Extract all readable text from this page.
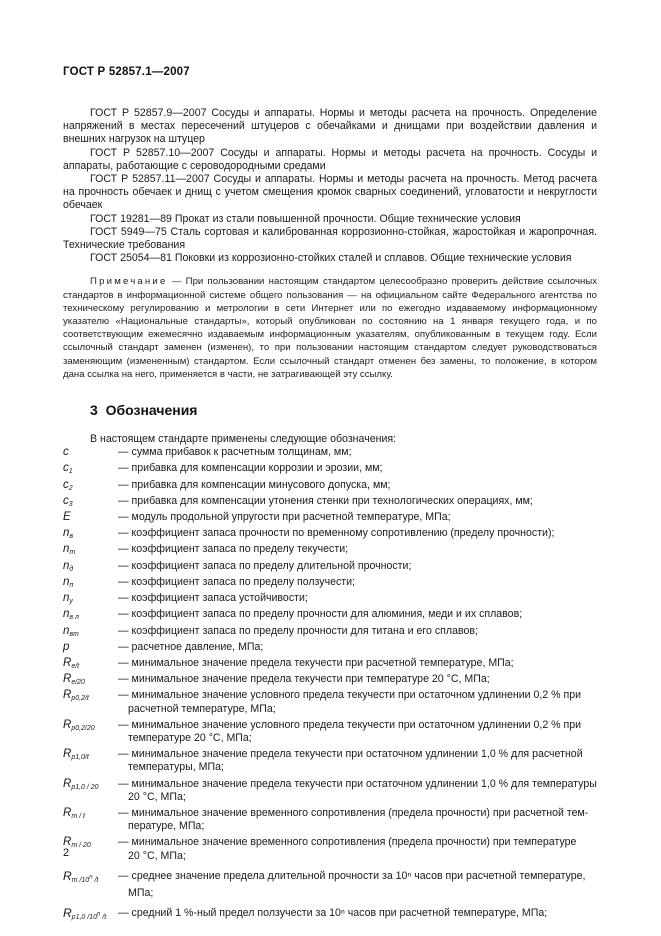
ГОСТ Р 52857.1—2007

ГОСТ Р 52857.9—2007 Сосуды и аппараты. Нормы и методы расчета на прочность. Определение напряжений в местах пересечений штуцеров с обечайками и днищами при воздействии давления и внешних нагрузок на штуцер

ГОСТ Р 52857.10—2007 Сосуды и аппараты. Нормы и методы расчета на прочность. Сосуды и аппараты, работающие с сероводородными средами

ГОСТ Р 52857.11—2007 Сосуды и аппараты. Нормы и методы расчета на прочность. Метод расчета на прочность обечаек и днищ с учетом смещения кромок сварных соединений, угловатости и некруглости обечаек

ГОСТ 19281—89 Прокат из стали повышенной прочности. Общие технические условия

ГОСТ 5949—75 Сталь сортовая и калиброванная коррозионно-стойкая, жаростойкая и жаропрочная. Технические требования

ГОСТ 25054—81 Поковки из коррозионно-стойких сталей и сплавов. Общие технические условия

Примечание — При пользовании настоящим стандартом целесообразно проверить действие ссылочных стандартов в информационной системе общего пользования — на официальном сайте Федерального агентства по техническому регулированию и метрологии в сети Интернет или по ежегодно издаваемому информационному указателю «Национальные стандарты», который опубликован по состоянию на 1 января текущего года, и по соответствующим ежемесячно издаваемым информационным указателям, опубликованным в текущем году. Если ссылочный стандарт заменен (изменен), то при пользовании настоящим стандартом следует руководствоваться заменяющим (измененным) стандартом. Если ссылочный стандарт отменен без замены, то положение, в котором дана ссылка на него, применяется в части, не затрагивающей эту ссылку.

3 Обозначения

В настоящем стандарте применены следующие обозначения:

c	— сумма прибавок к расчетным толщинам, мм;
$c_1$	— прибавка для компенсации коррозии и эрозии, мм;
$c_2$	— прибавка для компенсации минусового допуска, мм;
$c_3$	— прибавка для компенсации утонения стенки при технологических операциях, мм;
E	— модуль продольной упругости при расчетной температуре, МПа;
$n_в$	— коэффициент запаса прочности по временному сопротивлению (пределу прочности);
$n_т$	— коэффициент запаса по пределу текучести;
$n_д$	— коэффициент запаса по пределу длительной прочности;
$n_п$	— коэффициент запаса по пределу ползучести;
$n_у$	— коэффициент запаса устойчивости;
$n_{в л}$	— коэффициент запаса по пределу прочности для алюминия, меди и их сплавов;
$n_{вт}$	— коэффициент запаса по пределу прочности для титана и его сплавов;
p	— расчетное давление, МПа;
$R_{e/t}$	— минимальное значение предела текучести при расчетной температуре, МПа;
$R_{e/20}$	— минимальное значение предела текучести при температуре 20 °С, МПа;
$R_{p0,2/t}$	— минимальное значение условного предела текучести при остаточном удлинении 0,2 % при
расчетной температуре, МПа;
$R_{p0,2/20}$	— минимальное значение условного предела текучести при остаточном удлинении 0,2 % при
температуре 20 °С, МПа;
$R_{p1,0/t}$	— минимальное значение предела текучести при остаточном удлинении 1,0 % для расчетной
температуры, МПа;
$R_{p1,0 / 20}$	— минимальное значение предела текучести при остаточном удлинении 1,0 % для температуры
20 °С, МПа;
$R_{m / t}$	— минимальное значение временного сопротивления (предела прочности) при расчетной тем-
пературе, МПа;
$R_{m / 20}$	— минимальное значение временного сопротивления (предела прочности) при температуре
20 °С, МПа;
$R_{m /10^n /t}$	— среднее значение предела длительной прочности за 10ⁿ часов при расчетной температуре,
МПа;
$R_{p1,0 /10^n /t}$	— средний 1 %-ный предел ползучести за 10ⁿ часов при расчетной температуре, МПа;
2
